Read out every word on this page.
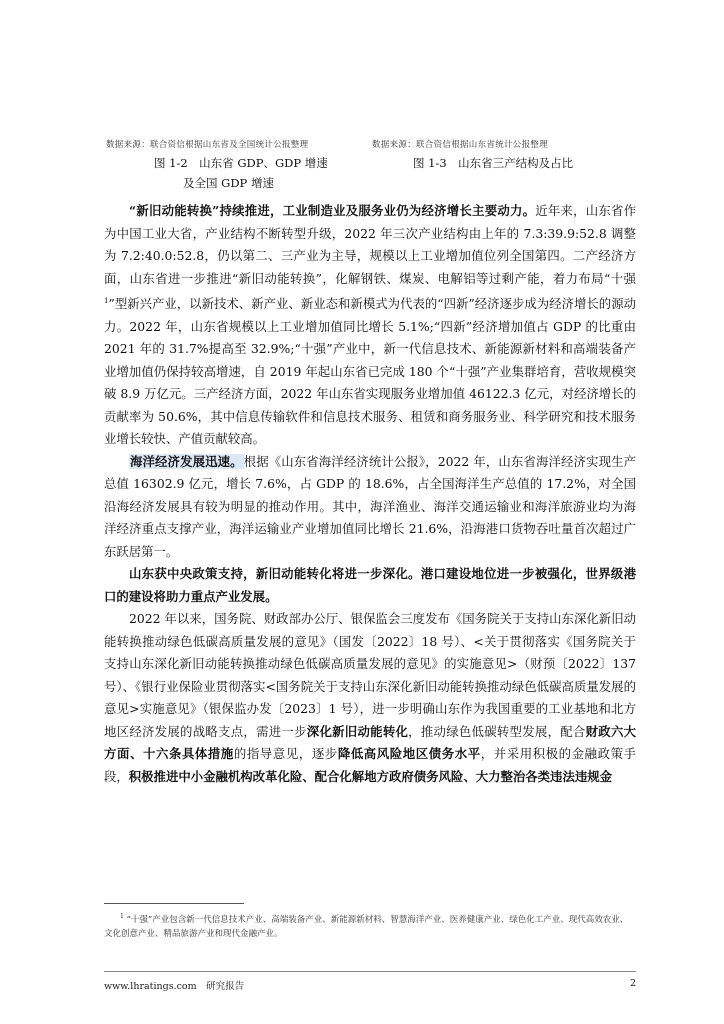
数据来源：联合资信根据山东省及全国统计公报整理	数据来源：联合资信根据山东省统计公报整理
图 1-2　山东省 GDP、GDP 增速
及全国 GDP 增速
图 1-3　山东省三产结构及占比

“新旧动能转换”持续推进，工业制造业及服务业仍为经济增长主要动力。近年来，山东省作为中国工业大省，产业结构不断转型升级，2022 年三次产业结构由上年的 7.3:39.9:52.8 调整为 7.2:40.0:52.8，仍以第二、三产业为主导，规模以上工业增加值位列全国第四。二产经济方面，山东省进一步推进“新旧动能转换”，化解钢铁、煤炭、电解铝等过剩产能，着力布局“十强$^1$”型新兴产业，以新技术、新产业、新业态和新模式为代表的“四新”经济逐步成为经济增长的源动力。2022 年，山东省规模以上工业增加值同比增长 5.1%;“四新”经济增加值占 GDP 的比重由 2021 年的 31.7%提高至 32.9%;“十强”产业中，新一代信息技术、新能源新材料和高端装备产业增加值仍保持较高增速，自 2019 年起山东省已完成 180 个“十强”产业集群培育，营收规模突破 8.9 万亿元。三产经济方面，2022 年山东省实现服务业增加值 46122.3 亿元，对经济增长的贡献率为 50.6%，其中信息传输软件和信息技术服务、租赁和商务服务业、科学研究和技术服务业增长较快、产值贡献较高。

海洋经济发展迅速。根据《山东省海洋经济统计公报》，2022 年，山东省海洋经济实现生产总值 16302.9 亿元，增长 7.6%，占 GDP 的 18.6%，占全国海洋生产总值的 17.2%，对全国沿海经济发展具有较为明显的推动作用。其中，海洋渔业、海洋交通运输业和海洋旅游业均为海洋经济重点支撑产业，海洋运输业产业增加值同比增长 21.6%，沿海港口货物吞吐量首次超过广东跃居第一。

山东获中央政策支持，新旧动能转化将进一步深化。港口建设地位进一步被强化，世界级港口的建设将助力重点产业发展。

2022 年以来，国务院、财政部办公厅、银保监会三度发布《国务院关于支持山东深化新旧动能转换推动绿色低碳高质量发展的意见》（国发〔2022〕18 号）、<关于贯彻落实《国务院关于支持山东深化新旧动能转换推动绿色低碳高质量发展的意见》的实施意见>（财预〔2022〕137 号）、《银行业保险业贯彻落实<国务院关于支持山东深化新旧动能转换推动绿色低碳高质量发展的意见>实施意见》（银保监办发〔2023〕1 号），进一步明确山东作为我国重要的工业基地和北方地区经济发展的战略支点，需进一步深化新旧动能转化，推动绿色低碳转型发展，配合财政六大方面、十六条具体措施的指导意见，逐步降低高风险地区债务水平，并采用积极的金融政策手段，积极推进中小金融机构改革化险、配合化解地方政府债务风险、大力整治各类违法违规金

$^1$ “十强”产业包含新一代信息技术产业、高端装备产业、新能源新材料、智慧海洋产业、医养健康产业、绿色化工产业、现代高效农业、文化创意产业、精品旅游产业和现代金融产业。
www.lhratings.com　研究报告	2
